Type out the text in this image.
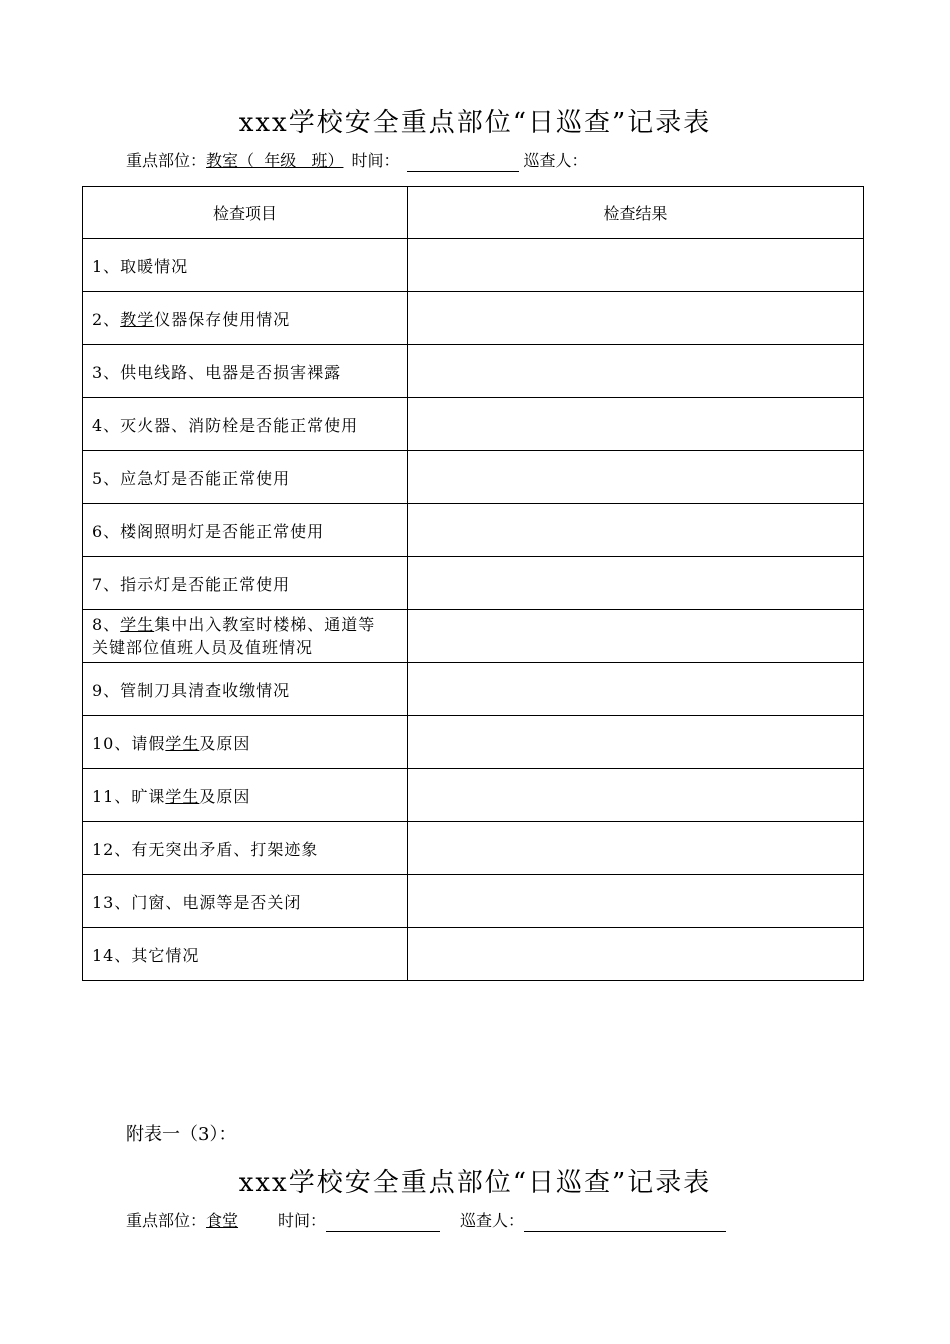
xxx学校安全重点部位“日巡查”记录表
重点部位：教室（  年级   班） 时间：	巡查人：
检查项目	检查结果
1、取暖情况	
2、教学仪器保存使用情况	
3、供电线路、电器是否损害裸露	
4、灭火器、消防栓是否能正常使用	
5、应急灯是否能正常使用	
6、楼阁照明灯是否能正常使用	
7、指示灯是否能正常使用	
8、学生集中出入教室时楼梯、通道等
关键部位值班人员及值班情况	
9、管制刀具清查收缴情况	
10、请假学生及原因	
11、旷课学生及原因	
12、有无突出矛盾、打架迹象	
13、门窗、电源等是否关闭	
14、其它情况	
附表一（3）：
xxx学校安全重点部位“日巡查”记录表
重点部位：食堂	时间：	巡查人：
